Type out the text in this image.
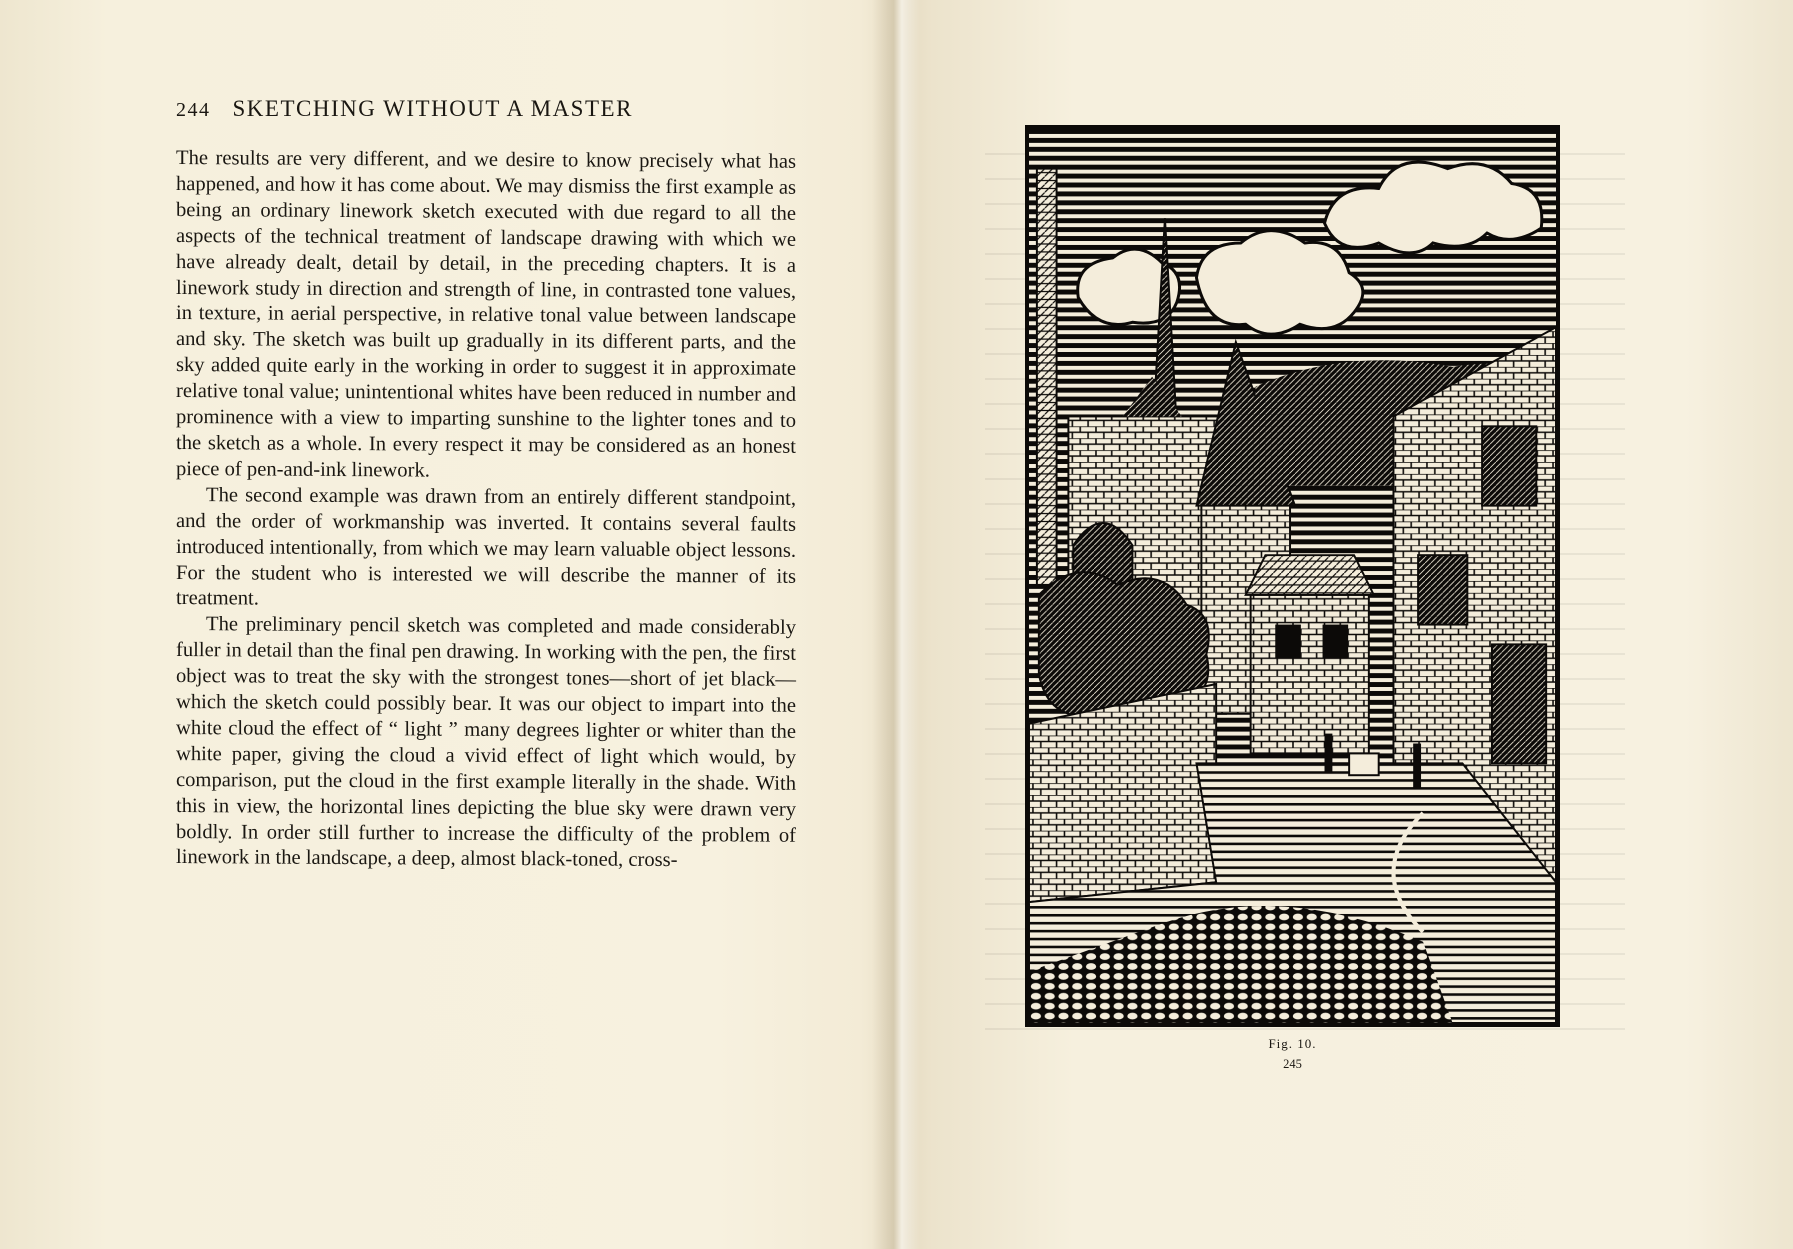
244 SKETCHING WITHOUT A MASTER

The results are very different, and we desire to know precisely what has happened, and how it has come about. We may dismiss the first example as being an ordinary linework sketch executed with due regard to all the aspects of the technical treatment of landscape drawing with which we have already dealt, detail by detail, in the preceding chapters. It is a linework study in direction and strength of line, in contrasted tone values, in texture, in aerial perspective, in relative tonal value between landscape and sky. The sketch was built up gradually in its different parts, and the sky added quite early in the working in order to suggest it in approximate relative tonal value; unintentional whites have been reduced in number and prominence with a view to imparting sunshine to the lighter tones and to the sketch as a whole. In every respect it may be considered as an honest piece of pen-and-ink linework.

The second example was drawn from an entirely different standpoint, and the order of workmanship was inverted. It contains several faults introduced intentionally, from which we may learn valuable object lessons. For the student who is interested we will describe the manner of its treatment.

The preliminary pencil sketch was completed and made considerably fuller in detail than the final pen drawing. In working with the pen, the first object was to treat the sky with the strongest tones—short of jet black—which the sketch could possibly bear. It was our object to impart into the white cloud the effect of “ light ” many degrees lighter or whiter than the white paper, giving the cloud a vivid effect of light which would, by comparison, put the cloud in the first example literally in the shade. With this in view, the horizontal lines depicting the blue sky were drawn very boldly. In order still further to increase the difficulty of the problem of linework in the landscape, a deep, almost black-toned, cross-

Fig. 10.
245
